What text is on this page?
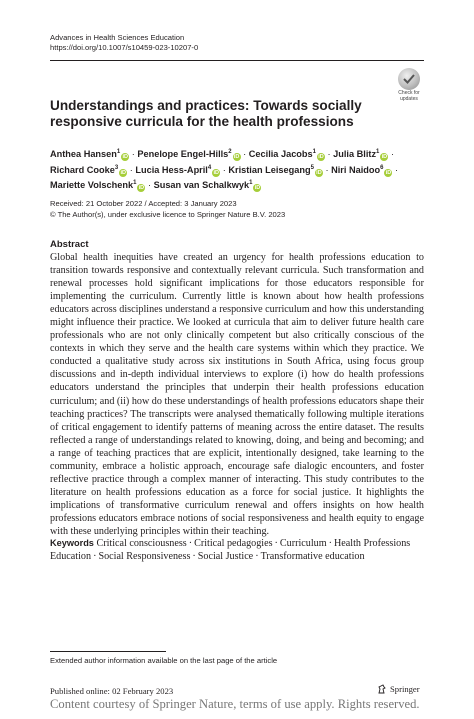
Advances in Health Sciences Education
https://doi.org/10.1007/s10459-023-10207-0
Check for
updates
Understandings and practices: Towards socially responsive curricula for the health professions
Anthea Hansen$^1$iD · Penelope Engel-Hills$^2$iD · Cecilia Jacobs$^1$iD · Julia Blitz$^1$iD · Richard Cooke$^3$iD · Lucia Hess-April$^4$iD · Kristian Leisegang$^5$iD · Niri Naidoo$^6$iD · Mariette Volschenk$^1$iD · Susan van Schalkwyk$^1$iD
Received: 21 October 2022 / Accepted: 3 January 2023
© The Author(s), under exclusive licence to Springer Nature B.V. 2023
Abstract

Global health inequities have created an urgency for health professions education to transition towards responsive and contextually relevant curricula. Such transformation and renewal processes hold significant implications for those educators responsible for implementing the curriculum. Currently little is known about how health professions educators across disciplines understand a responsive curriculum and how this understanding might influence their practice. We looked at curricula that aim to deliver future health care professionals who are not only clinically competent but also critically conscious of the contexts in which they serve and the health care systems within which they practice. We conducted a qualitative study across six institutions in South Africa, using focus group discussions and in-depth individual interviews to explore (i) how do health professions educators understand the principles that underpin their health professions education curriculum; and (ii) how do these understandings of health professions educators shape their teaching practices? The transcripts were analysed thematically following multiple iterations of critical engagement to identify patterns of meaning across the entire dataset. The results reflected a range of understandings related to knowing, doing, and being and becoming; and a range of teaching practices that are explicit, intentionally designed, take learning to the community, embrace a holistic approach, encourage safe dialogic encounters, and foster reflective practice through a complex manner of interacting. This study contributes to the literature on health professions education as a force for social justice. It highlights the implications of transformative curriculum renewal and offers insights on how health professions educators embrace notions of social responsiveness and health equity to engage with these underlying principles within their teaching.

Keywords Critical consciousness · Critical pedagogies · Curriculum · Health Professions Education · Social Responsiveness · Social Justice · Transformative education
Extended author information available on the last page of the article
Published online: 02 February 2023	Springer
Content courtesy of Springer Nature, terms of use apply. Rights reserved.
